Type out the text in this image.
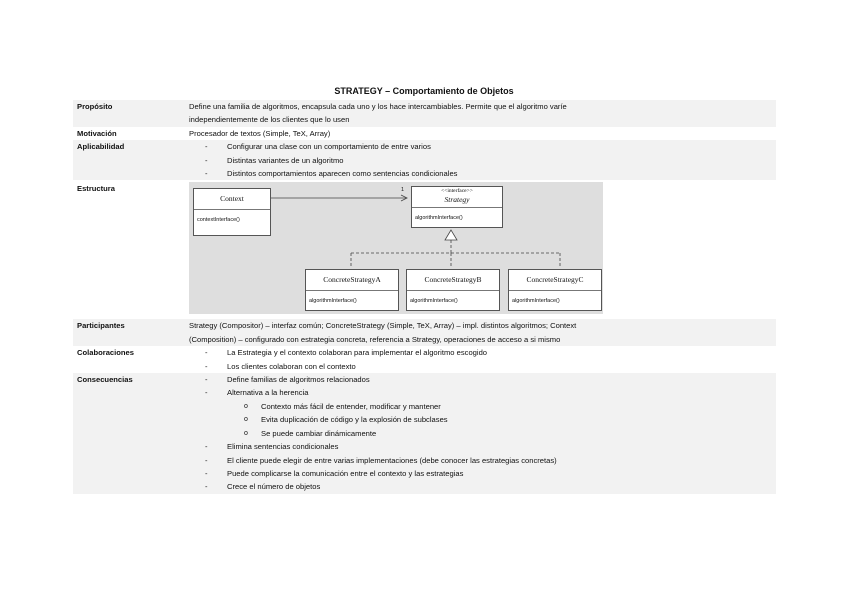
STRATEGY – Comportamiento de Objetos
Propósito	Define una familia de algoritmos, encapsula cada uno y los hace intercambiables. Permite que el algoritmo varíe
independientemente de los clientes que lo usen
Motivación	Procesador de textos (Simple, TeX, Array)
Aplicabilidad	- Configurar una clase con un comportamiento de entre varios
- Distintas variantes de un algoritmo
- Distintos comportamientos aparecen como sentencias condicionales
Estructura	1
Context
contextInterface()
<<interface>>
Strategy
algorithmInterface()
ConcreteStrategyA
algorithmInterface()
ConcreteStrategyB
algorithmInterface()
ConcreteStrategyC
algorithmInterface()
Participantes	Strategy (Compositor) – interfaz común; ConcreteStrategy (Simple, TeX, Array) – impl. distintos algoritmos; Context
(Composition) – configurado con estrategia concreta, referencia a Strategy, operaciones de acceso a si mismo
Colaboraciones	- La Estrategia y el contexto colaboran para implementar el algoritmo escogido
- Los clientes colaboran con el contexto
Consecuencias	- Define familias de algoritmos relacionados
- Alternativa a la herencia
o Contexto más fácil de entender, modificar y mantener
o Evita duplicación de código y la explosión de subclases
o Se puede cambiar dinámicamente
- Elimina sentencias condicionales
- El cliente puede elegir de entre varias implementaciones (debe conocer las estrategias concretas)
- Puede complicarse la comunicación entre el contexto y las estrategias
- Crece el número de objetos
